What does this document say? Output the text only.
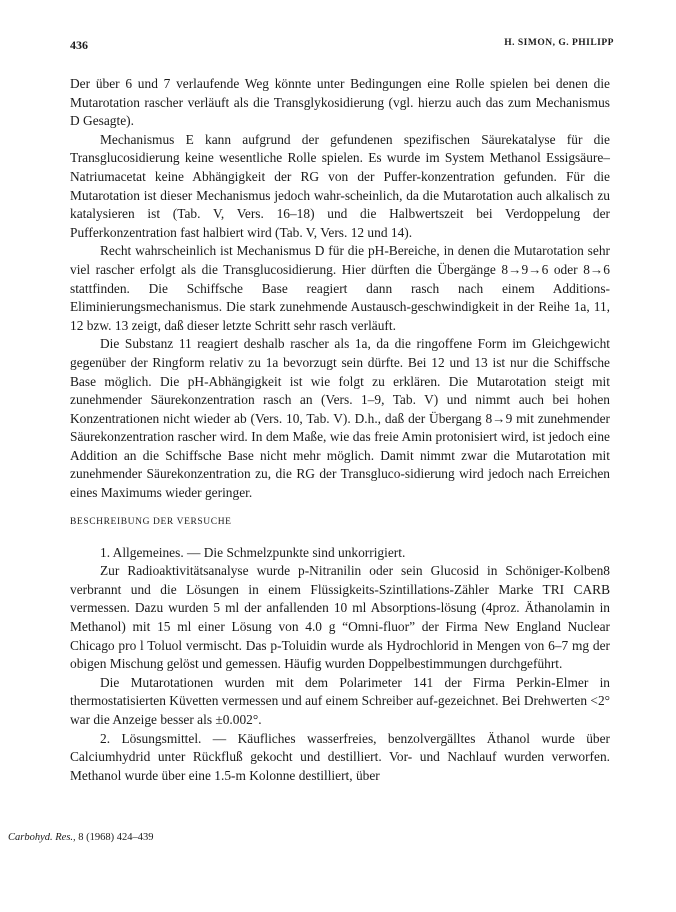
436	H. SIMON, G. PHILIPP

Der über 6 und 7 verlaufende Weg könnte unter Bedingungen eine Rolle spielen bei denen die Mutarotation rascher verläuft als die Transglykosidierung (vgl. hierzu auch das zum Mechanismus D Gesagte).

Mechanismus E kann aufgrund der gefundenen spezifischen Säurekatalyse für die Transglucosidierung keine wesentliche Rolle spielen. Es wurde im System Methanol Essigsäure–Natriumacetat keine Abhängigkeit der RG von der Puffer-konzentration gefunden. Für die Mutarotation ist dieser Mechanismus jedoch wahr-scheinlich, da die Mutarotation auch alkalisch zu katalysieren ist (Tab. V, Vers. 16–18) und die Halbwertszeit bei Verdoppelung der Pufferkonzentration fast halbiert wird (Tab. V, Vers. 12 und 14).

Recht wahrscheinlich ist Mechanismus D für die pH-Bereiche, in denen die Mutarotation sehr viel rascher erfolgt als die Transglucosidierung. Hier dürften die Übergänge 8→9→6 oder 8→6 stattfinden. Die Schiffsche Base reagiert dann rasch nach einem Additions-Eliminierungsmechanismus. Die stark zunehmende Austausch-geschwindigkeit in der Reihe 1a, 11, 12 bzw. 13 zeigt, daß dieser letzte Schritt sehr rasch verläuft.

Die Substanz 11 reagiert deshalb rascher als 1a, da die ringoffene Form im Gleichgewicht gegenüber der Ringform relativ zu 1a bevorzugt sein dürfte. Bei 12 und 13 ist nur die Schiffsche Base möglich. Die pH-Abhängigkeit ist wie folgt zu erklären. Die Mutarotation steigt mit zunehmender Säurekonzentration rasch an (Vers. 1–9, Tab. V) und nimmt auch bei hohen Konzentrationen nicht wieder ab (Vers. 10, Tab. V). D.h., daß der Übergang 8→9 mit zunehmender Säurekonzentration rascher wird. In dem Maße, wie das freie Amin protonisiert wird, ist jedoch eine Addition an die Schiffsche Base nicht mehr möglich. Damit nimmt zwar die Mutarotation mit zunehmender Säurekonzentration zu, die RG der Transgluco-sidierung wird jedoch nach Erreichen eines Maximums wieder geringer.

BESCHREIBUNG DER VERSUCHE

1. Allgemeines. — Die Schmelzpunkte sind unkorrigiert.

Zur Radioaktivitätsanalyse wurde p-Nitranilin oder sein Glucosid in Schöniger-Kolben8 verbrannt und die Lösungen in einem Flüssigkeits-Szintillations-Zähler Marke TRI CARB vermessen. Dazu wurden 5 ml der anfallenden 10 ml Absorptions-lösung (4proz. Äthanolamin in Methanol) mit 15 ml einer Lösung von 4.0 g “Omni-fluor” der Firma New England Nuclear Chicago pro l Toluol vermischt. Das p-Toluidin wurde als Hydrochlorid in Mengen von 6–7 mg der obigen Mischung gelöst und gemessen. Häufig wurden Doppelbestimmungen durchgeführt.

Die Mutarotationen wurden mit dem Polarimeter 141 der Firma Perkin-Elmer in thermostatisierten Küvetten vermessen und auf einem Schreiber auf-gezeichnet. Bei Drehwerten <2° war die Anzeige besser als ±0.002°.

2. Lösungsmittel. — Käufliches wasserfreies, benzolvergälltes Äthanol wurde über Calciumhydrid unter Rückfluß gekocht und destilliert. Vor- und Nachlauf wurden verworfen. Methanol wurde über eine 1.5-m Kolonne destilliert, über

Carbohyd. Res., 8 (1968) 424–439
